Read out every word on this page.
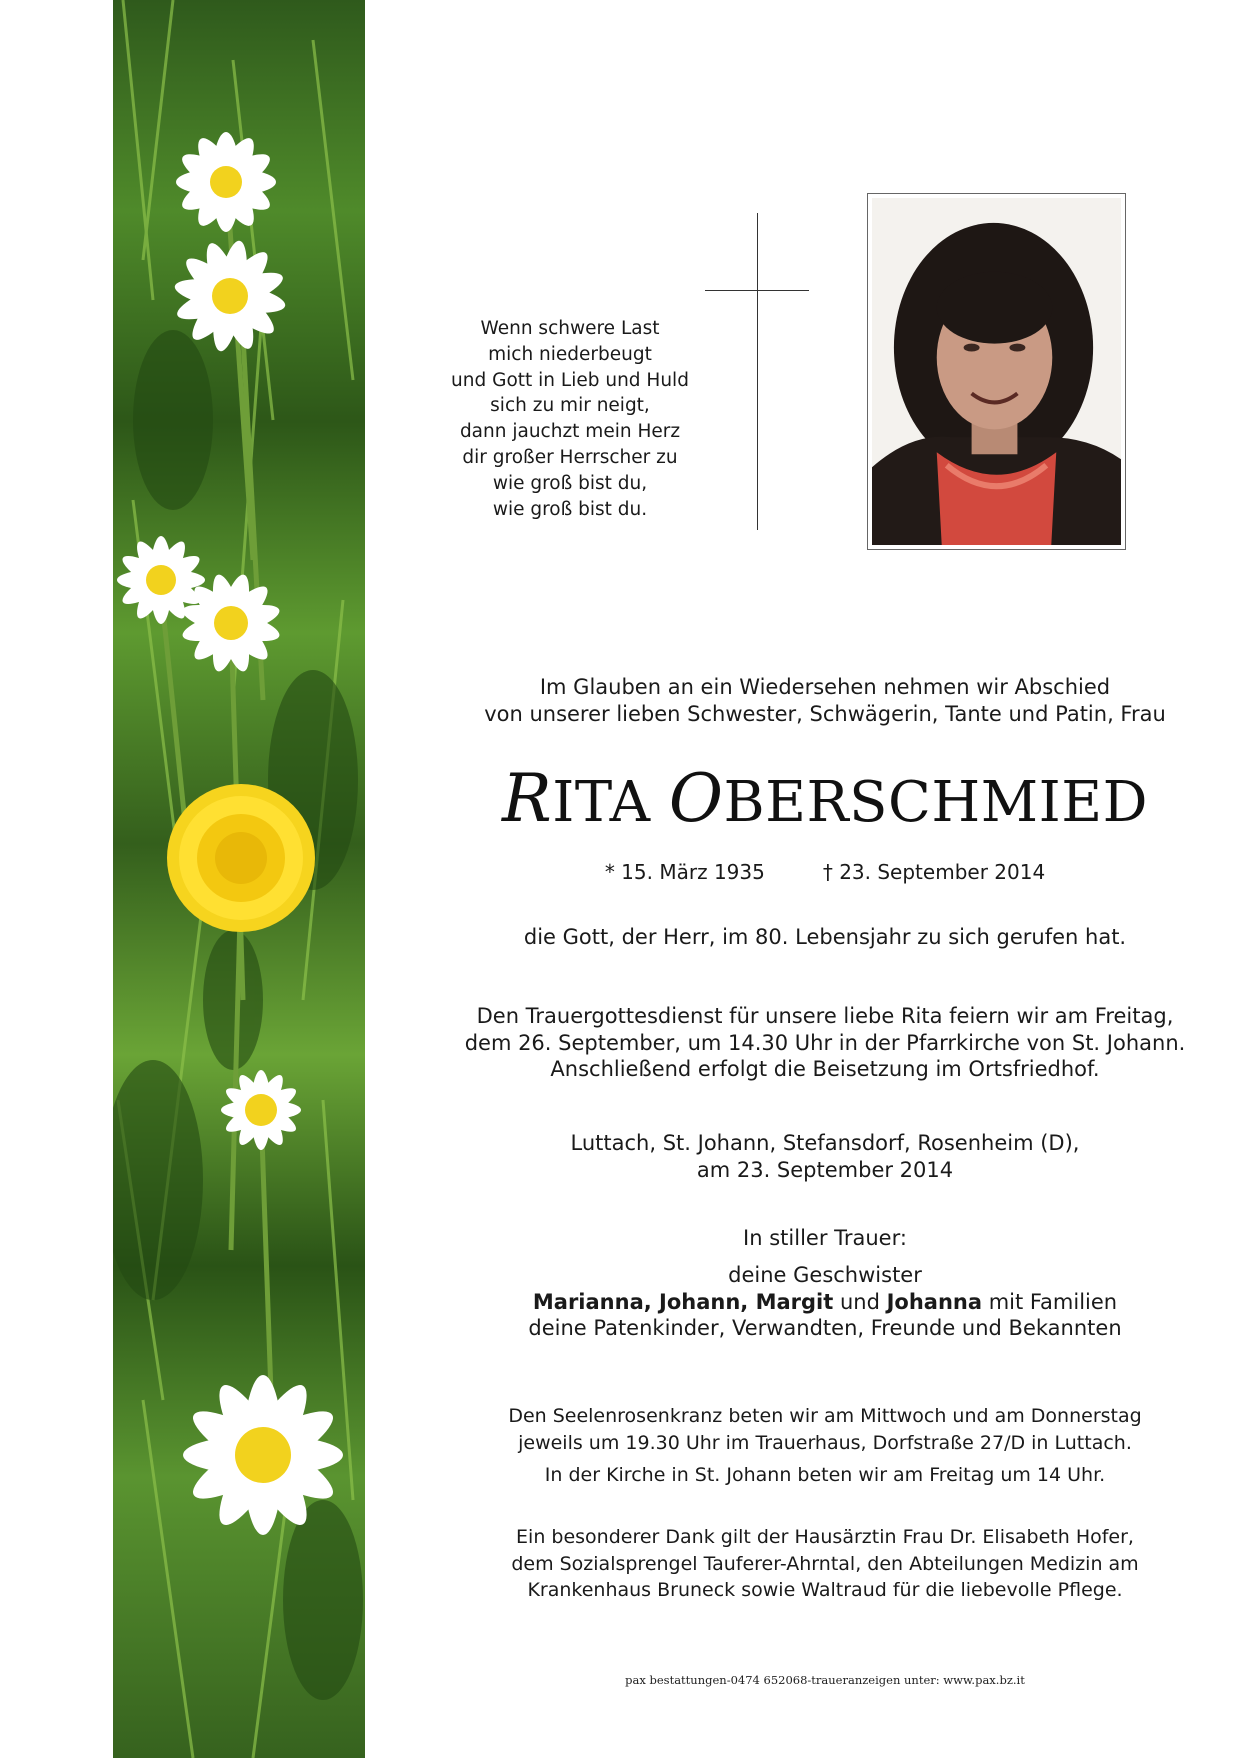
Wenn schwere Last
mich niederbeugt
und Gott in Lieb und Huld
sich zu mir neigt,
dann jauchzt mein Herz
dir großer Herrscher zu
wie groß bist du,
wie groß bist du.
Im Glauben an ein Wiedersehen nehmen wir Abschied
von unserer lieben Schwester, Schwägerin, Tante und Patin, Frau
RITA OBERSCHMIED
* 15. März 1935	† 23. September 2014
die Gott, der Herr, im 80. Lebensjahr zu sich gerufen hat.
Den Trauergottesdienst für unsere liebe Rita feiern wir am Freitag,
dem 26. September, um 14.30 Uhr in der Pfarrkirche von St. Johann.
Anschließend erfolgt die Beisetzung im Ortsfriedhof.
Luttach, St. Johann, Stefansdorf, Rosenheim (D),
am 23. September 2014
In stiller Trauer:
deine Geschwister
Marianna, Johann, Margit und Johanna mit Familien
deine Patenkinder, Verwandten, Freunde und Bekannten
Den Seelenrosenkranz beten wir am Mittwoch und am Donnerstag
jeweils um 19.30 Uhr im Trauerhaus, Dorfstraße 27/D in Luttach.
In der Kirche in St. Johann beten wir am Freitag um 14 Uhr.
Ein besonderer Dank gilt der Hausärztin Frau Dr. Elisabeth Hofer,
dem Sozialsprengel Tauferer-Ahrntal, den Abteilungen Medizin am
Krankenhaus Bruneck sowie Waltraud für die liebevolle Pflege.
pax bestattungen-0474 652068-traueranzeigen unter: www.pax.bz.it
